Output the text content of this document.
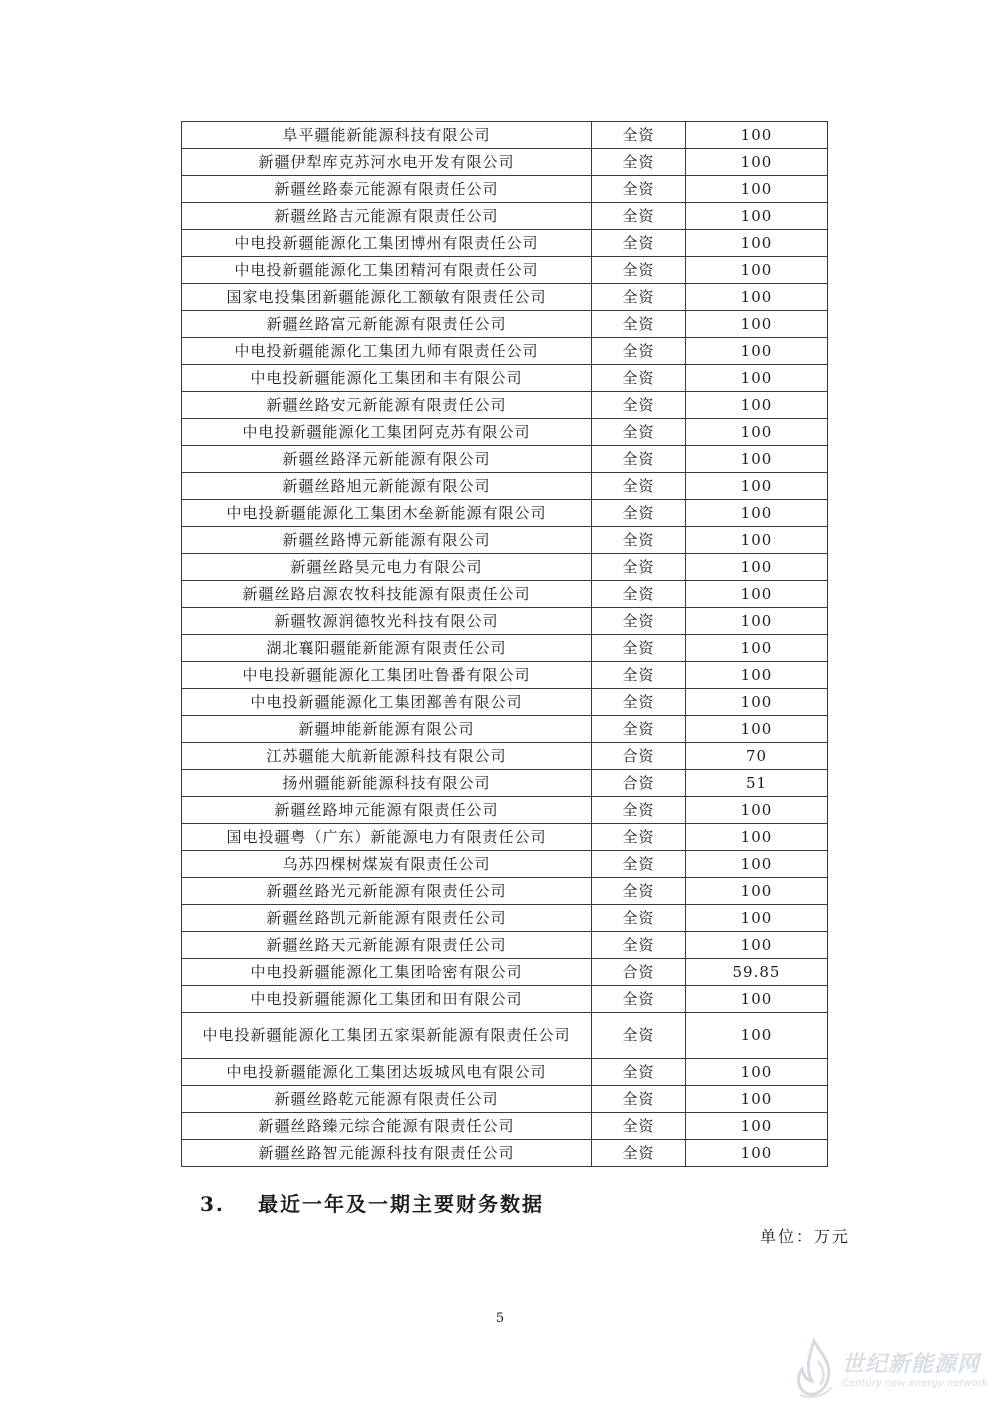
阜平疆能新能源科技有限公司	全资	100
新疆伊犁库克苏河水电开发有限公司	全资	100
新疆丝路泰元能源有限责任公司	全资	100
新疆丝路吉元能源有限责任公司	全资	100
中电投新疆能源化工集团博州有限责任公司	全资	100
中电投新疆能源化工集团精河有限责任公司	全资	100
国家电投集团新疆能源化工额敏有限责任公司	全资	100
新疆丝路富元新能源有限责任公司	全资	100
中电投新疆能源化工集团九师有限责任公司	全资	100
中电投新疆能源化工集团和丰有限公司	全资	100
新疆丝路安元新能源有限责任公司	全资	100
中电投新疆能源化工集团阿克苏有限公司	全资	100
新疆丝路泽元新能源有限公司	全资	100
新疆丝路旭元新能源有限公司	全资	100
中电投新疆能源化工集团木垒新能源有限公司	全资	100
新疆丝路博元新能源有限公司	全资	100
新疆丝路昊元电力有限公司	全资	100
新疆丝路启源农牧科技能源有限责任公司	全资	100
新疆牧源润德牧光科技有限公司	全资	100
湖北襄阳疆能新能源有限责任公司	全资	100
中电投新疆能源化工集团吐鲁番有限公司	全资	100
中电投新疆能源化工集团鄯善有限公司	全资	100
新疆坤能新能源有限公司	全资	100
江苏疆能大航新能源科技有限公司	合资	70
扬州疆能新能源科技有限公司	合资	51
新疆丝路坤元能源有限责任公司	全资	100
国电投疆粤（广东）新能源电力有限责任公司	全资	100
乌苏四棵树煤炭有限责任公司	全资	100
新疆丝路光元新能源有限责任公司	全资	100
新疆丝路凯元新能源有限责任公司	全资	100
新疆丝路天元新能源有限责任公司	全资	100
中电投新疆能源化工集团哈密有限公司	合资	59.85
中电投新疆能源化工集团和田有限公司	全资	100
中电投新疆能源化工集团五家渠新能源有限责任公司	全资	100
中电投新疆能源化工集团达坂城风电有限公司	全资	100
新疆丝路乾元能源有限责任公司	全资	100
新疆丝路臻元综合能源有限责任公司	全资	100
新疆丝路智元能源科技有限责任公司	全资	100
3. 最近一年及一期主要财务数据
单位：万元
5
世纪新能源网
Century new energy network
